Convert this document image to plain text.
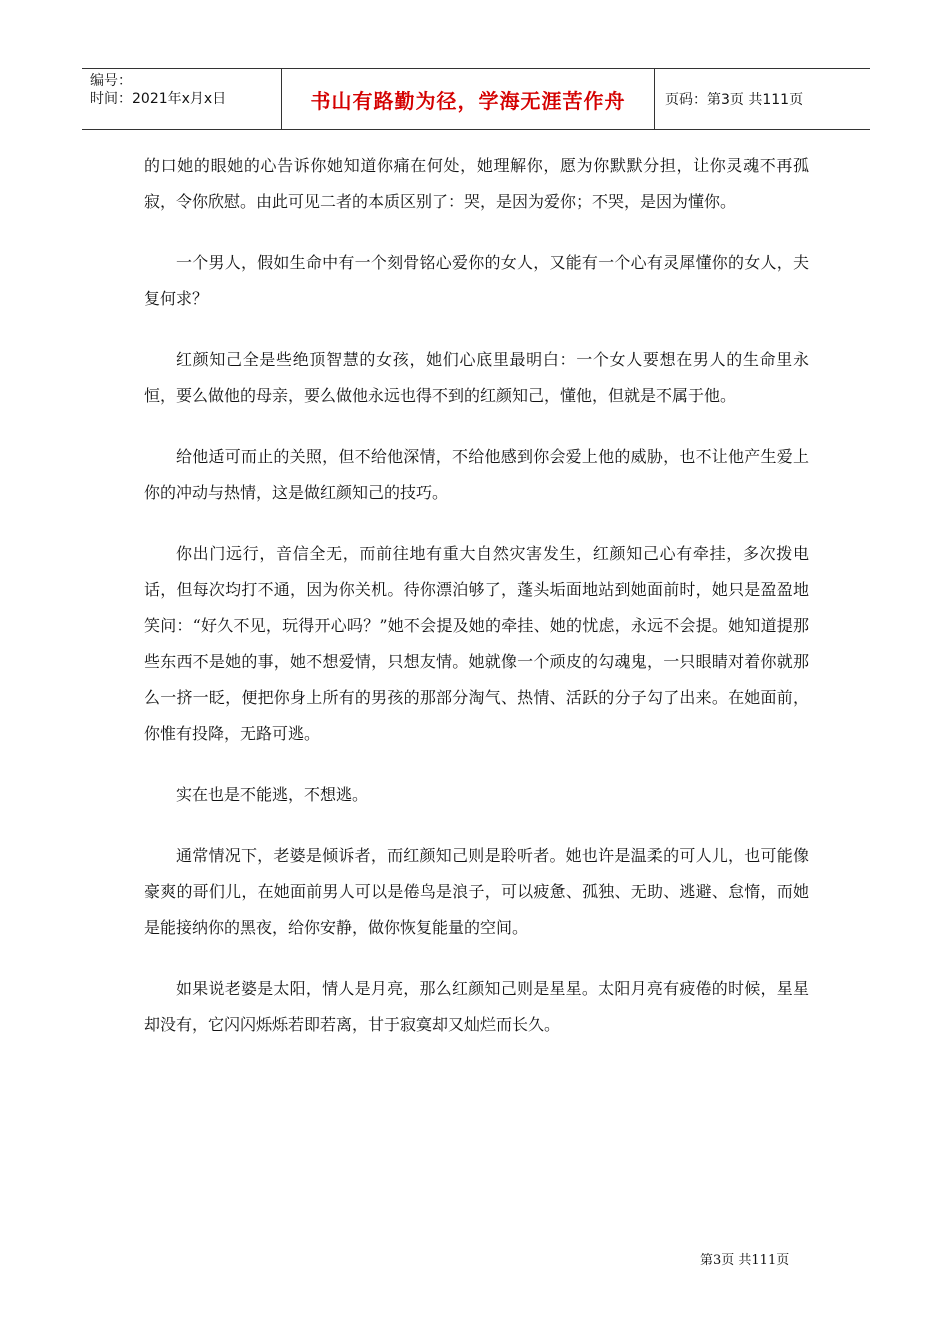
编号：
时间：2021年x月x日	书山有路勤为径，学海无涯苦作舟	页码：第3页 共111页

的口她的眼她的心告诉你她知道你痛在何处，她理解你，愿为你默默分担，让你灵魂不再孤寂，令你欣慰。由此可见二者的本质区别了：哭，是因为爱你；不哭，是因为懂你。

一个男人，假如生命中有一个刻骨铭心爱你的女人，又能有一个心有灵犀懂你的女人，夫复何求？

红颜知己全是些绝顶智慧的女孩，她们心底里最明白：一个女人要想在男人的生命里永恒，要么做他的母亲，要么做他永远也得不到的红颜知己，懂他，但就是不属于他。

给他适可而止的关照，但不给他深情，不给他感到你会爱上他的威胁，也不让他产生爱上你的冲动与热情，这是做红颜知己的技巧。

你出门远行，音信全无，而前往地有重大自然灾害发生，红颜知己心有牵挂，多次拨电话，但每次均打不通，因为你关机。待你漂泊够了，蓬头垢面地站到她面前时，她只是盈盈地笑问：“好久不见，玩得开心吗？”她不会提及她的牵挂、她的忧虑，永远不会提。她知道提那些东西不是她的事，她不想爱情，只想友情。她就像一个顽皮的勾魂鬼，一只眼睛对着你就那么一挤一眨，便把你身上所有的男孩的那部分淘气、热情、活跃的分子勾了出来。在她面前，你惟有投降，无路可逃。

实在也是不能逃，不想逃。

通常情况下，老婆是倾诉者，而红颜知己则是聆听者。她也许是温柔的可人儿，也可能像豪爽的哥们儿，在她面前男人可以是倦鸟是浪子，可以疲惫、孤独、无助、逃避、怠惰，而她是能接纳你的黑夜，给你安静，做你恢复能量的空间。

如果说老婆是太阳，情人是月亮，那么红颜知己则是星星。太阳月亮有疲倦的时候，星星却没有，它闪闪烁烁若即若离，甘于寂寞却又灿烂而长久。

第3页 共111页
